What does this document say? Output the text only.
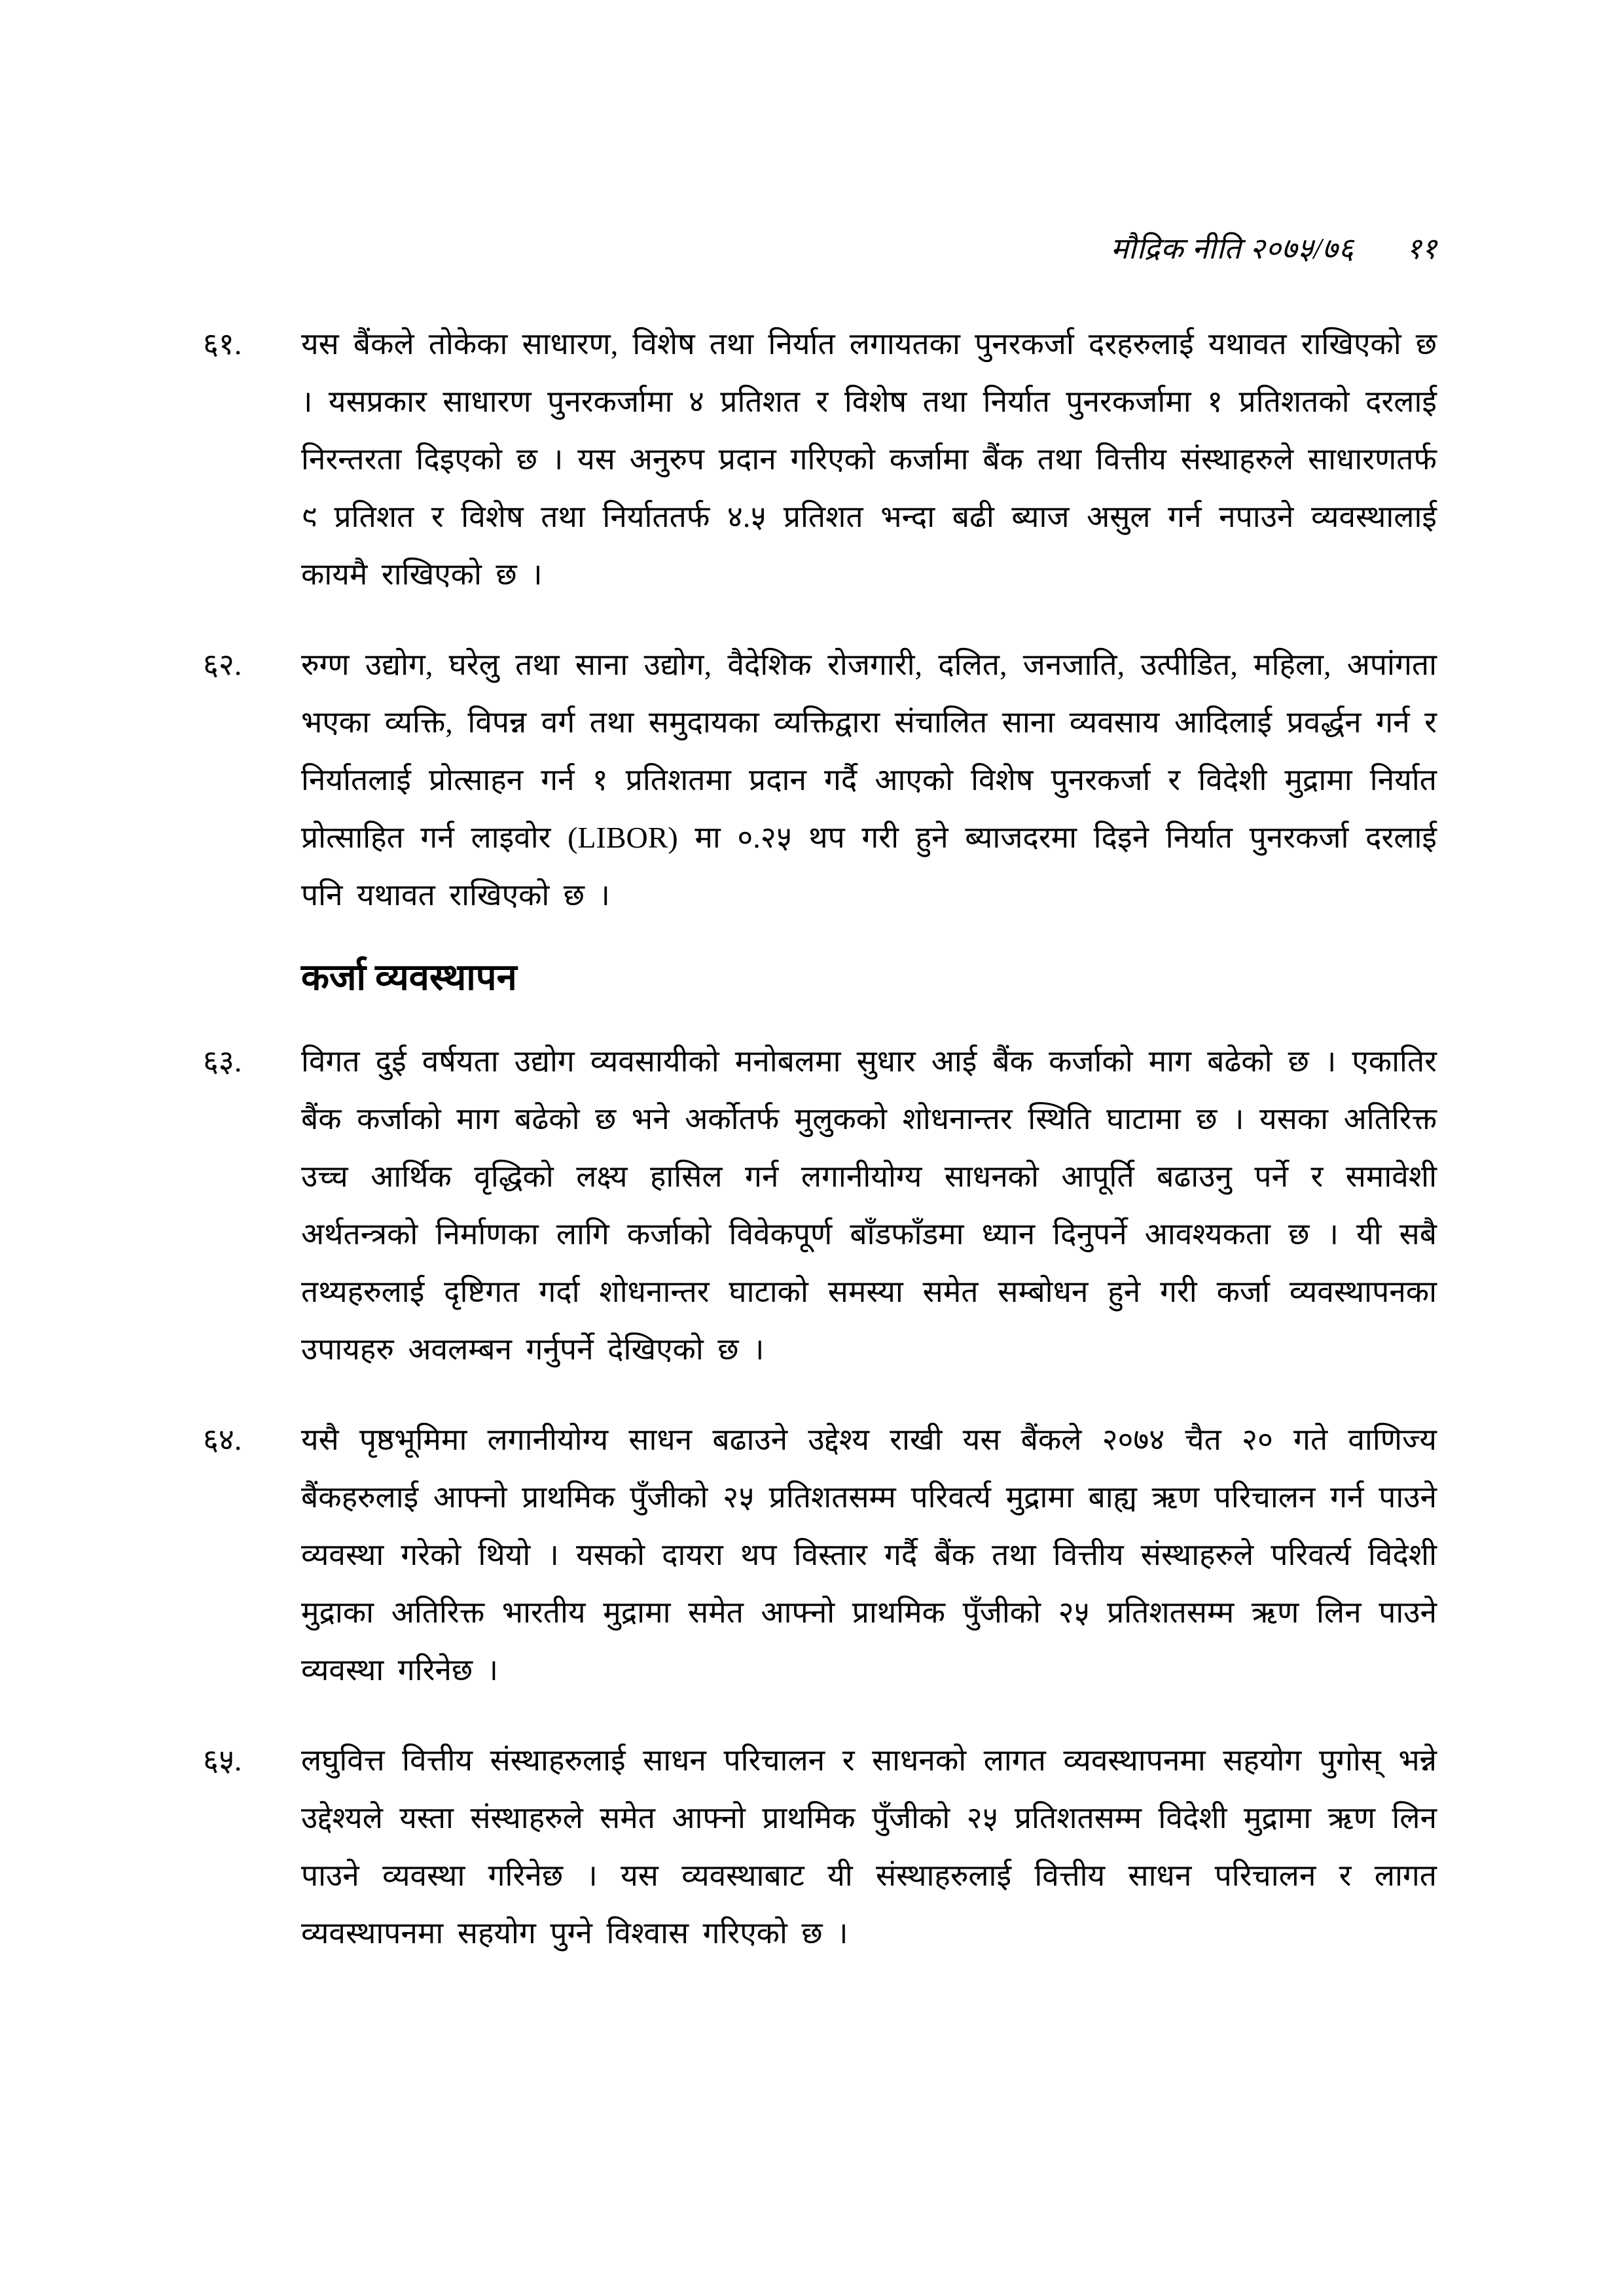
मौद्रिक नीति २०७५/७६ ११
६१.	यस बैंकले तोकेका साधारण, विशेष तथा निर्यात लगायतका पुनरकर्जा दरहरुलाई यथावत राखिएको छ । यसप्रकार साधारण पुनरकर्जामा ४ प्रतिशत र विशेष तथा निर्यात पुनरकर्जामा १ प्रतिशतको दरलाई निरन्तरता दिइएको छ । यस अनुरुप प्रदान गरिएको कर्जामा बैंक तथा वित्तीय संस्थाहरुले साधारणतर्फ ९ प्रतिशत र विशेष तथा निर्याततर्फ ४.५ प्रतिशत भन्दा बढी ब्याज असुल गर्न नपाउने व्यवस्थालाई कायमै राखिएको छ ।
६२.	रुग्ण उद्योग, घरेलु तथा साना उद्योग, वैदेशिक रोजगारी, दलित, जनजाति, उत्पीडित, महिला, अपांगता भएका व्यक्ति, विपन्न वर्ग तथा समुदायका व्यक्तिद्वारा संचालित साना व्यवसाय आदिलाई प्रवर्द्धन गर्न र निर्यातलाई प्रोत्साहन गर्न १ प्रतिशतमा प्रदान गर्दै आएको विशेष पुनरकर्जा र विदेशी मुद्रामा निर्यात प्रोत्साहित गर्न लाइवोर (LIBOR) मा ०.२५ थप गरी हुने ब्याजदरमा दिइने निर्यात पुनरकर्जा दरलाई पनि यथावत राखिएको छ ।
कर्जा व्यवस्थापन
६३.	विगत दुई वर्षयता उद्योग व्यवसायीको मनोबलमा सुधार आई बैंक कर्जाको माग बढेको छ । एकातिर बैंक कर्जाको माग बढेको छ भने अर्कोतर्फ मुलुकको शोधनान्तर स्थिति घाटामा छ । यसका अतिरिक्त उच्च आर्थिक वृद्धिको लक्ष्य हासिल गर्न लगानीयोग्य साधनको आपूर्ति बढाउनु पर्ने र समावेशी अर्थतन्त्रको निर्माणका लागि कर्जाको विवेकपूर्ण बाँडफाँडमा ध्यान दिनुपर्ने आवश्यकता छ । यी सबै तथ्यहरुलाई दृष्टिगत गर्दा शोधनान्तर घाटाको समस्या समेत सम्बोधन हुने गरी कर्जा व्यवस्थापनका उपायहरु अवलम्बन गर्नुपर्ने देखिएको छ ।
६४.	यसै पृष्ठभूमिमा लगानीयोग्य साधन बढाउने उद्देश्य राखी यस बैंकले २०७४ चैत २० गते वाणिज्य बैंकहरुलाई आफ्नो प्राथमिक पुँजीको २५ प्रतिशतसम्म परिवर्त्य मुद्रामा बाह्य ऋण परिचालन गर्न पाउने व्यवस्था गरेको थियो । यसको दायरा थप विस्तार गर्दै बैंक तथा वित्तीय संस्थाहरुले परिवर्त्य विदेशी मुद्राका अतिरिक्त भारतीय मुद्रामा समेत आफ्नो प्राथमिक पुँजीको २५ प्रतिशतसम्म ऋण लिन पाउने व्यवस्था गरिनेछ ।
६५.	लघुवित्त वित्तीय संस्थाहरुलाई साधन परिचालन र साधनको लागत व्यवस्थापनमा सहयोग पुगोस् भन्ने उद्देश्यले यस्ता संस्थाहरुले समेत आफ्नो प्राथमिक पुँजीको २५ प्रतिशतसम्म विदेशी मुद्रामा ऋण लिन पाउने व्यवस्था गरिनेछ । यस व्यवस्थाबाट यी संस्थाहरुलाई वित्तीय साधन परिचालन र लागत व्यवस्थापनमा सहयोग पुग्ने विश्वास गरिएको छ ।
